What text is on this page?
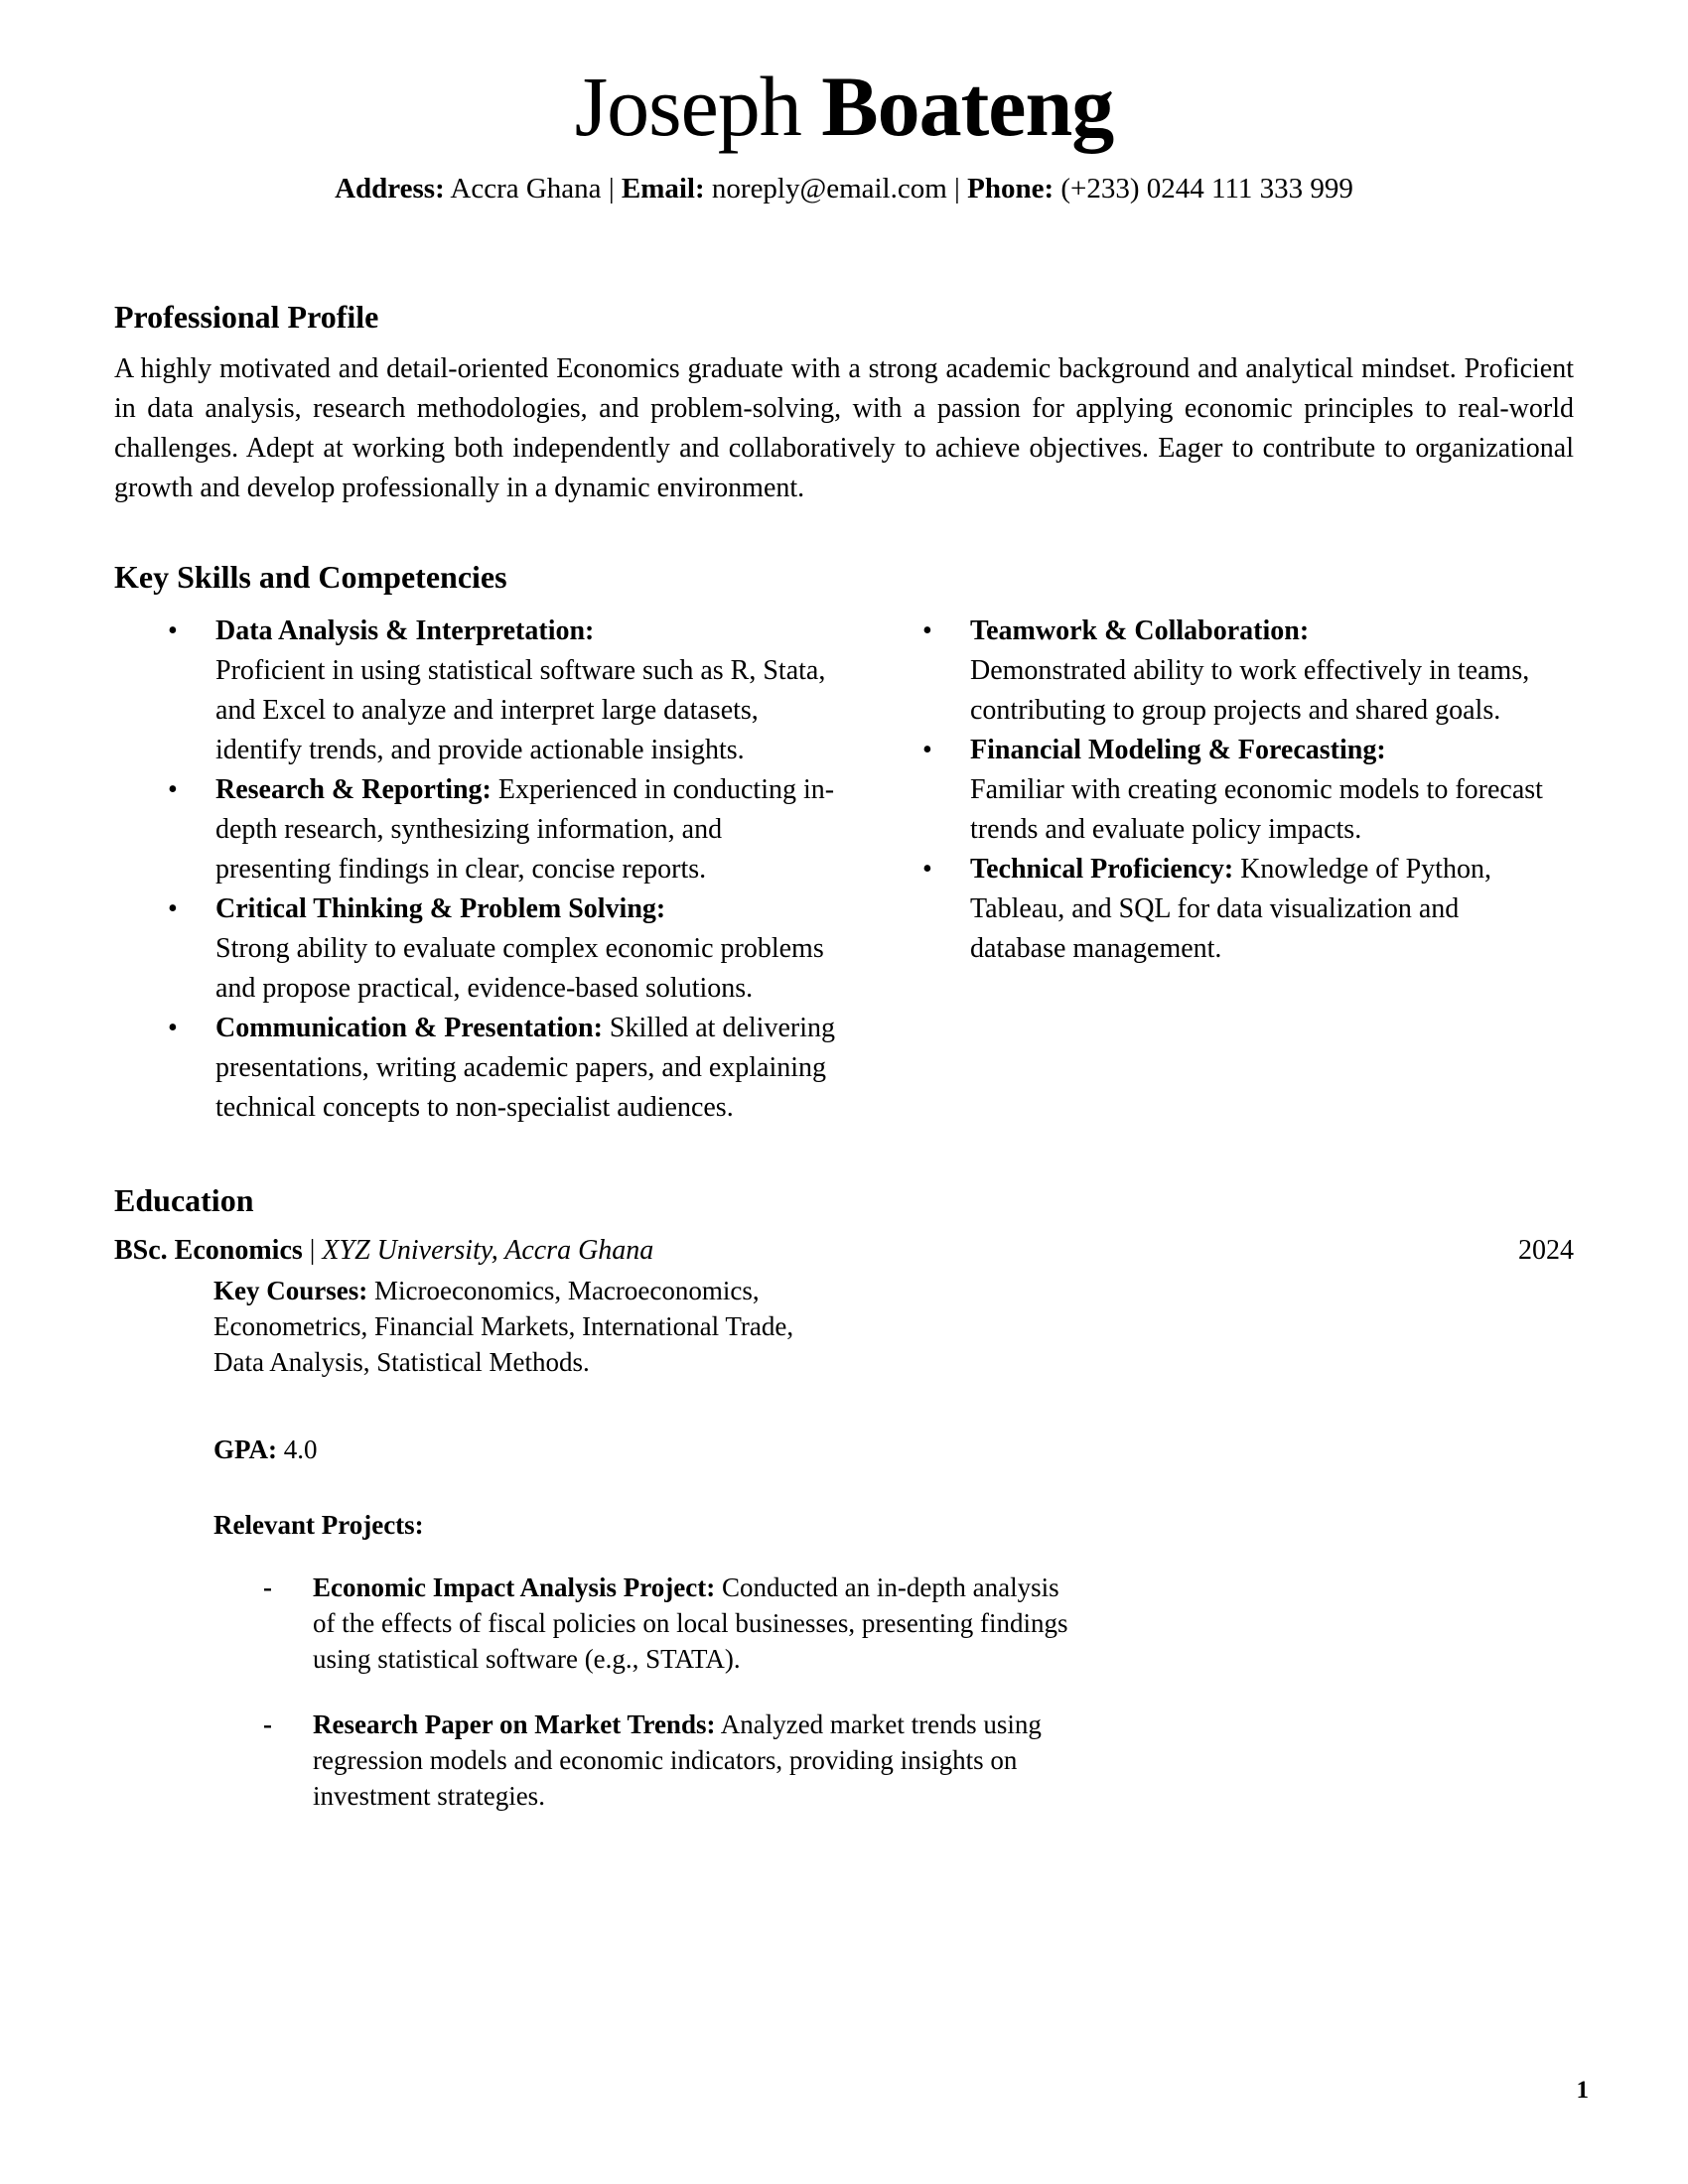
Joseph Boateng
Address: Accra Ghana | Email: noreply@email.com | Phone: (+233) 0244 111 333 999
Professional Profile

A highly motivated and detail-oriented Economics graduate with a strong academic background and analytical mindset. Proficient in data analysis, research methodologies, and problem-solving, with a passion for applying economic principles to real-world challenges. Adept at working both independently and collaboratively to achieve objectives. Eager to contribute to organizational growth and develop professionally in a dynamic environment.

Key Skills and Competencies
• Data Analysis & Interpretation:
Proficient in using statistical software such as R, Stata, and Excel to analyze and interpret large datasets, identify trends, and provide actionable insights.
• Research & Reporting: Experienced in conducting in-depth research, synthesizing information, and presenting findings in clear, concise reports.
• Critical Thinking & Problem Solving:
Strong ability to evaluate complex economic problems and propose practical, evidence-based solutions.
• Communication & Presentation: Skilled at delivering presentations, writing academic papers, and explaining technical concepts to non-specialist audiences.
• Teamwork & Collaboration:
Demonstrated ability to work effectively in teams, contributing to group projects and shared goals.
• Financial Modeling & Forecasting:
Familiar with creating economic models to forecast trends and evaluate policy impacts.
• Technical Proficiency: Knowledge of Python, Tableau, and SQL for data visualization and database management.
Education
BSc. Economics | XYZ University, Accra Ghana	2024

Key Courses: Microeconomics, Macroeconomics, Econometrics, Financial Markets, International Trade, Data Analysis, Statistical Methods.

GPA: 4.0

Relevant Projects:

- Economic Impact Analysis Project: Conducted an in-depth analysis of the effects of fiscal policies on local businesses, presenting findings using statistical software (e.g., STATA).
- Research Paper on Market Trends: Analyzed market trends using regression models and economic indicators, providing insights on investment strategies.
1
